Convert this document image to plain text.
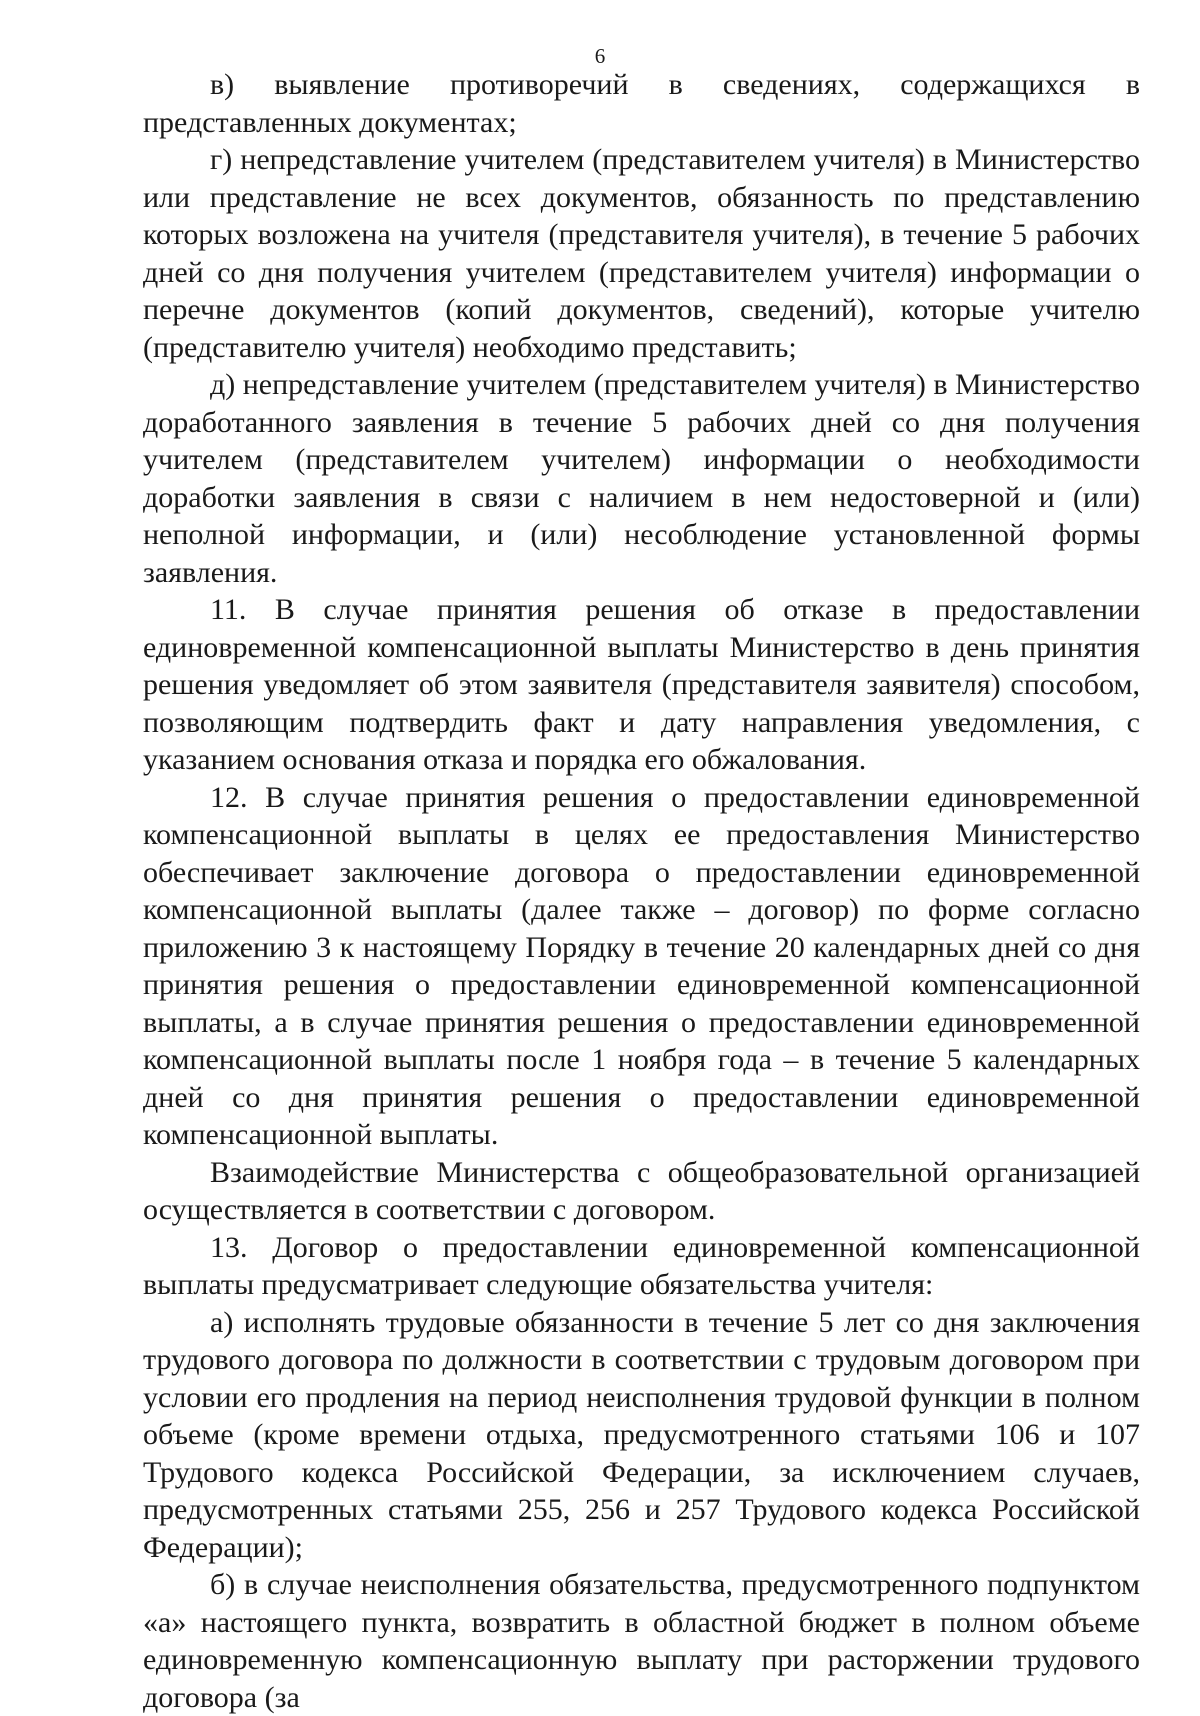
6

в) выявление противоречий в сведениях, содержащихся в представленных документах;

г) непредставление учителем (представителем учителя) в Министерство или представление не всех документов, обязанность по представлению которых возложена на учителя (представителя учителя), в течение 5 рабочих дней со дня получения учителем (представителем учителя) информации о перечне документов (копий документов, сведений), которые учителю (представителю учителя) необходимо представить;

д) непредставление учителем (представителем учителя) в Министерство доработанного заявления в течение 5 рабочих дней со дня получения учителем (представителем учителем) информации о необходимости доработки заявления в связи с наличием в нем недостоверной и (или) неполной информации, и (или) несоблюдение установленной формы заявления.

11. В случае принятия решения об отказе в предоставлении единовременной компенсационной выплаты Министерство в день принятия решения уведомляет об этом заявителя (представителя заявителя) способом, позволяющим подтвердить факт и дату направления уведомления, с указанием основания отказа и порядка его обжалования.

12. В случае принятия решения о предоставлении единовременной компенсационной выплаты в целях ее предоставления Министерство обеспечивает заключение договора о предоставлении единовременной компенсационной выплаты (далее также – договор) по форме согласно приложению 3 к настоящему Порядку в течение 20 календарных дней со дня принятия решения о предоставлении единовременной компенсационной выплаты, а в случае принятия решения о предоставлении единовременной компенсационной выплаты после 1 ноября года – в течение 5 календарных дней со дня принятия решения о предоставлении единовременной компенсационной выплаты.

Взаимодействие Министерства с общеобразовательной организацией осуществляется в соответствии с договором.

13. Договор о предоставлении единовременной компенсационной выплаты предусматривает следующие обязательства учителя:

а) исполнять трудовые обязанности в течение 5 лет со дня заключения трудового договора по должности в соответствии с трудовым договором при условии его продления на период неисполнения трудовой функции в полном объеме (кроме времени отдыха, предусмотренного статьями 106 и 107 Трудового кодекса Российской Федерации, за исключением случаев, предусмотренных статьями 255, 256 и 257 Трудового кодекса Российской Федерации);

б) в случае неисполнения обязательства, предусмотренного подпунктом «а» настоящего пункта, возвратить в областной бюджет в полном объеме единовременную компенсационную выплату при расторжении трудового договора (за
